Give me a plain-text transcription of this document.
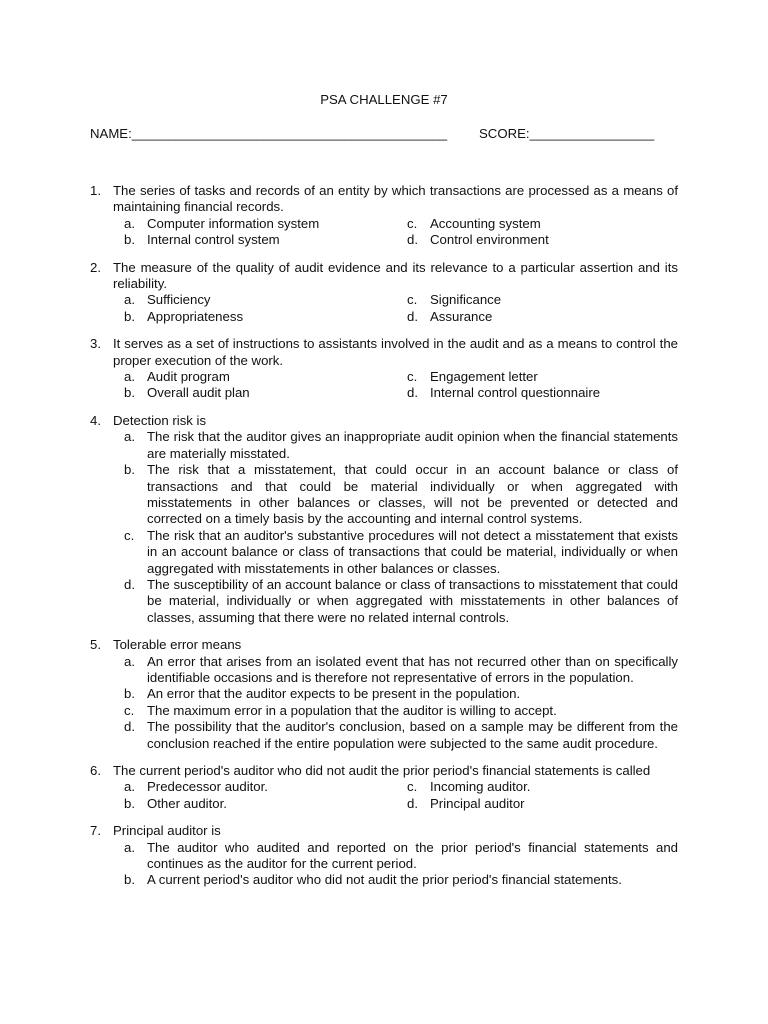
PSA CHALLENGE #7
NAME:___________________________________________ SCORE:_________________
1. The series of tasks and records of an entity by which transactions are processed as a means of maintaining financial records.
a. Computer information system	c. Accounting system
b. Internal control system	d. Control environment
2. The measure of the quality of audit evidence and its relevance to a particular assertion and its reliability.
a. Sufficiency	c. Significance
b. Appropriateness	d. Assurance
3. It serves as a set of instructions to assistants involved in the audit and as a means to control the proper execution of the work.
a. Audit program	c. Engagement letter
b. Overall audit plan	d. Internal control questionnaire
4. Detection risk is
a. The risk that the auditor gives an inappropriate audit opinion when the financial statements are materially misstated.
b. The risk that a misstatement, that could occur in an account balance or class of transactions and that could be material individually or when aggregated with misstatements in other balances or classes, will not be prevented or detected and corrected on a timely basis by the accounting and internal control systems.
c. The risk that an auditor's substantive procedures will not detect a misstatement that exists in an account balance or class of transactions that could be material, individually or when aggregated with misstatements in other balances or classes.
d. The susceptibility of an account balance or class of transactions to misstatement that could be material, individually or when aggregated with misstatements in other balances of classes, assuming that there were no related internal controls.
5. Tolerable error means
a. An error that arises from an isolated event that has not recurred other than on specifically identifiable occasions and is therefore not representative of errors in the population.
b. An error that the auditor expects to be present in the population.
c. The maximum error in a population that the auditor is willing to accept.
d. The possibility that the auditor's conclusion, based on a sample may be different from the conclusion reached if the entire population were subjected to the same audit procedure.
6. The current period's auditor who did not audit the prior period's financial statements is called
a. Predecessor auditor.	c. Incoming auditor.
b. Other auditor.	d. Principal auditor
7. Principal auditor is
a. The auditor who audited and reported on the prior period's financial statements and continues as the auditor for the current period.
b. A current period's auditor who did not audit the prior period's financial statements.
